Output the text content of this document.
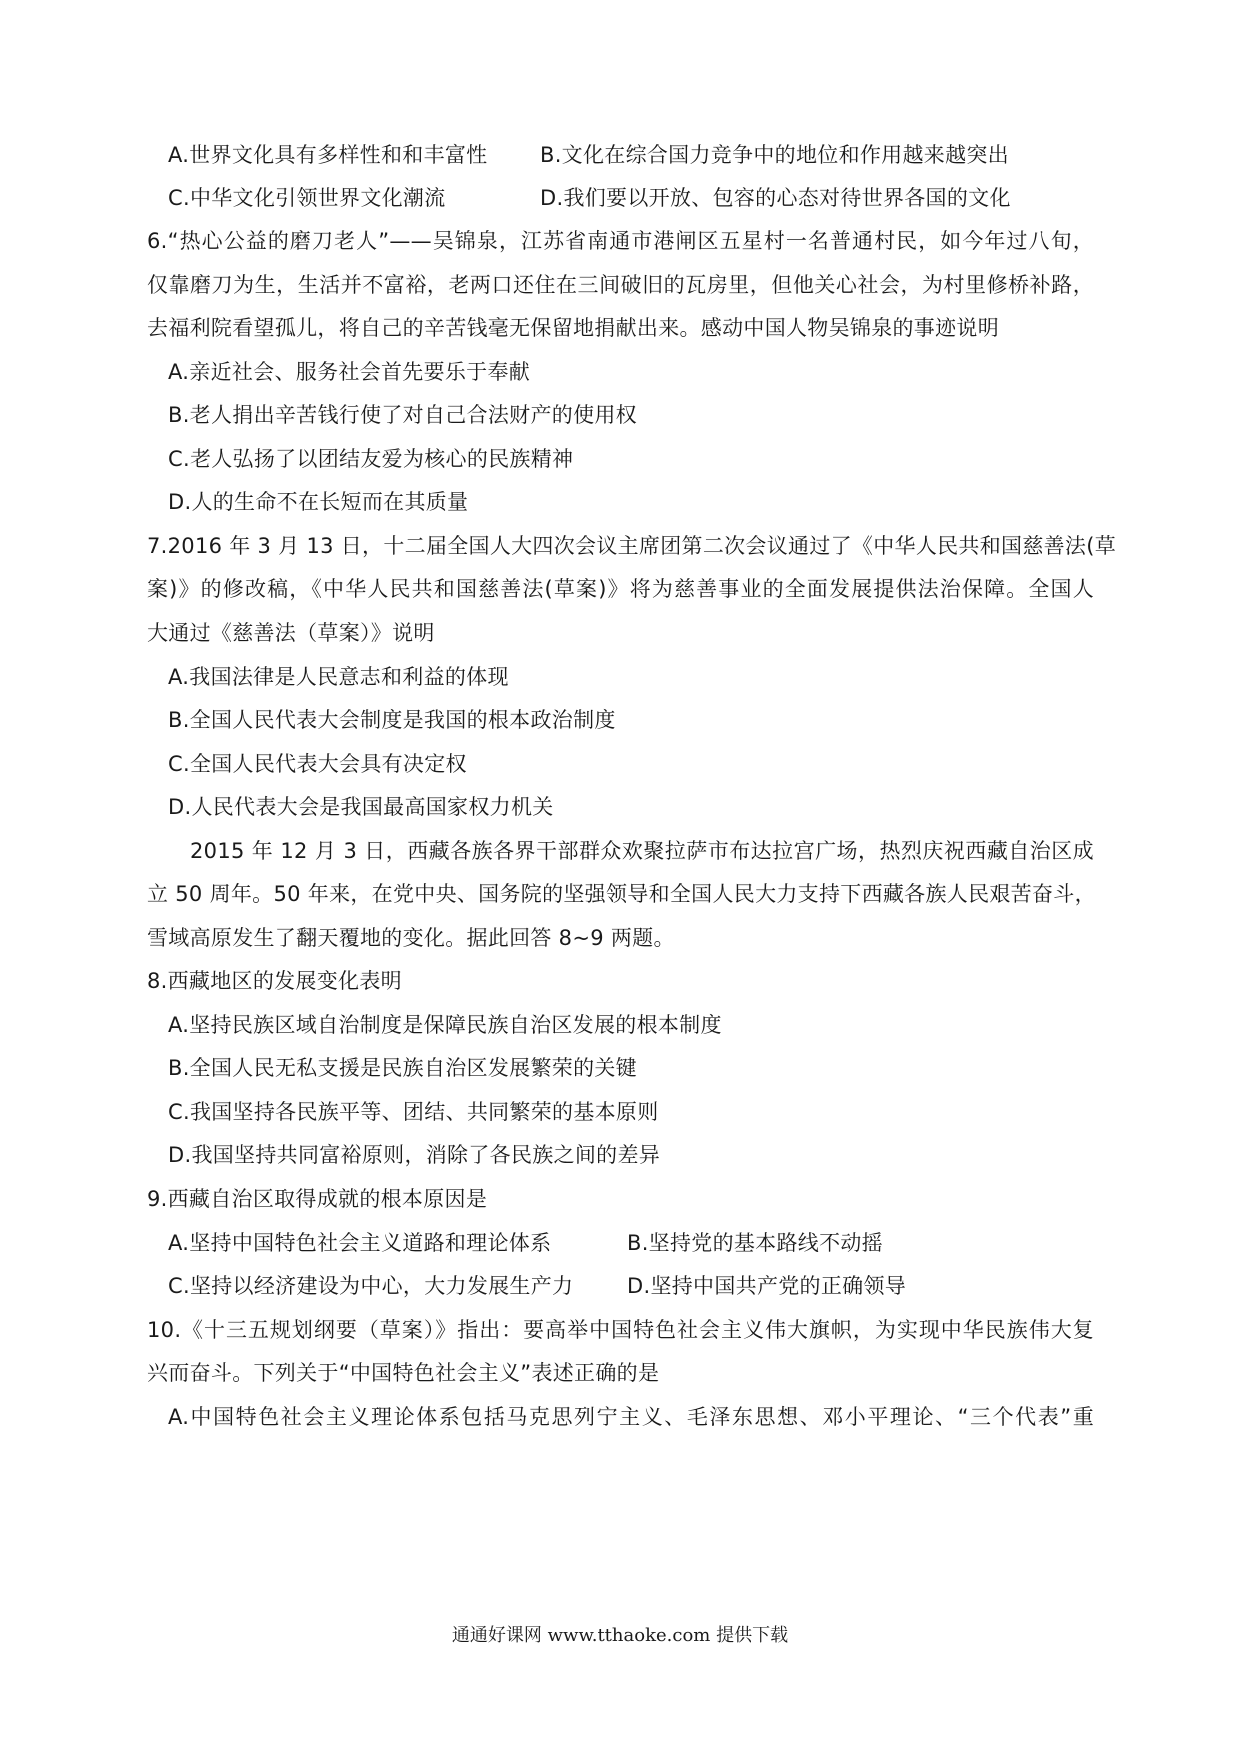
A.世界文化具有多样性和和丰富性	B.文化在综合国力竞争中的地位和作用越来越突出
C.中华文化引领世界文化潮流	D.我们要以开放、包容的心态对待世界各国的文化
6.“热心公益的磨刀老人”——吴锦泉，江苏省南通市港闸区五星村一名普通村民，如今年过八旬，
仅靠磨刀为生，生活并不富裕，老两口还住在三间破旧的瓦房里，但他关心社会，为村里修桥补路，
去福利院看望孤儿，将自己的辛苦钱毫无保留地捐献出来。感动中国人物吴锦泉的事迹说明
A.亲近社会、服务社会首先要乐于奉献
B.老人捐出辛苦钱行使了对自己合法财产的使用权
C.老人弘扬了以团结友爱为核心的民族精神
D.人的生命不在长短而在其质量
7.2016 年 3 月 13 日，十二届全国人大四次会议主席团第二次会议通过了《中华人民共和国慈善法(草
案)》的修改稿，《中华人民共和国慈善法(草案)》将为慈善事业的全面发展提供法治保障。全国人
大通过《慈善法（草案）》说明
A.我国法律是人民意志和利益的体现
B.全国人民代表大会制度是我国的根本政治制度
C.全国人民代表大会具有决定权
D.人民代表大会是我国最高国家权力机关
2015 年 12 月 3 日，西藏各族各界干部群众欢聚拉萨市布达拉宫广场，热烈庆祝西藏自治区成
立 50 周年。50 年来，在党中央、国务院的坚强领导和全国人民大力支持下西藏各族人民艰苦奋斗，
雪域高原发生了翻天覆地的变化。据此回答 8~9 两题。
8.西藏地区的发展变化表明
A.坚持民族区域自治制度是保障民族自治区发展的根本制度
B.全国人民无私支援是民族自治区发展繁荣的关键
C.我国坚持各民族平等、团结、共同繁荣的基本原则
D.我国坚持共同富裕原则，消除了各民族之间的差异
9.西藏自治区取得成就的根本原因是
A.坚持中国特色社会主义道路和理论体系	B.坚持党的基本路线不动摇
C.坚持以经济建设为中心，大力发展生产力	D.坚持中国共产党的正确领导
10.《十三五规划纲要（草案）》指出：要高举中国特色社会主义伟大旗帜，为实现中华民族伟大复
兴而奋斗。下列关于“中国特色社会主义”表述正确的是
A.中国特色社会主义理论体系包括马克思列宁主义、毛泽东思想、邓小平理论、“三个代表”重
通通好课网 www.tthaoke.com 提供下载
